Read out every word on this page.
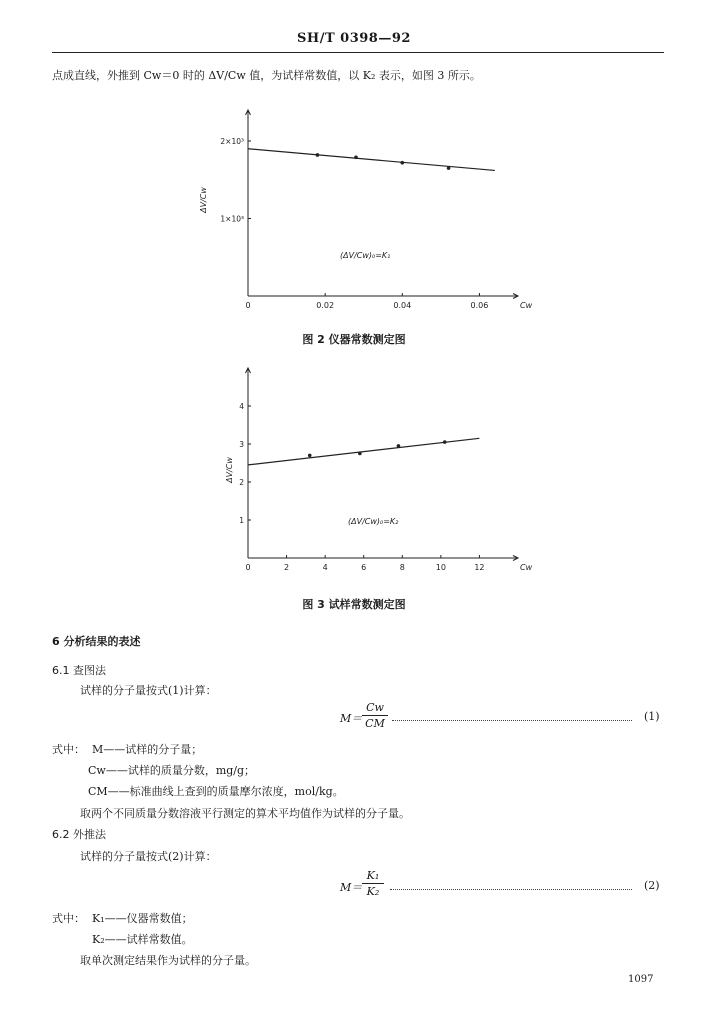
SH/T 0398—92
点成直线，外推到 Cw＝0 时的 ΔV/Cw 值，为试样常数值，以 K₂ 表示，如图 3 所示。
0	0.02	0.04	0.06
1×10³
2×10³
Cw
ΔV/Cw
(ΔV/Cw)₀=K₁
图 2 仪器常数测定图
0	2	4	6	8	10	12
1
2
3
4
Cw
ΔV/Cw
(ΔV/Cw)₀=K₂
图 3 试样常数测定图
6 分析结果的表述
6.1 查图法
试样的分子量按式(1)计算：
M＝
Cw
CM
(1)
式中： M——试样的分子量；
Cw——试样的质量分数，mg/g；
CM——标准曲线上查到的质量摩尔浓度，mol/kg。
取两个不同质量分数溶液平行测定的算术平均值作为试样的分子量。
6.2 外推法
试样的分子量按式(2)计算：
M＝
K₁
K₂	(2)
式中： K₁——仪器常数值；
K₂——试样常数值。
取单次测定结果作为试样的分子量。
1097
